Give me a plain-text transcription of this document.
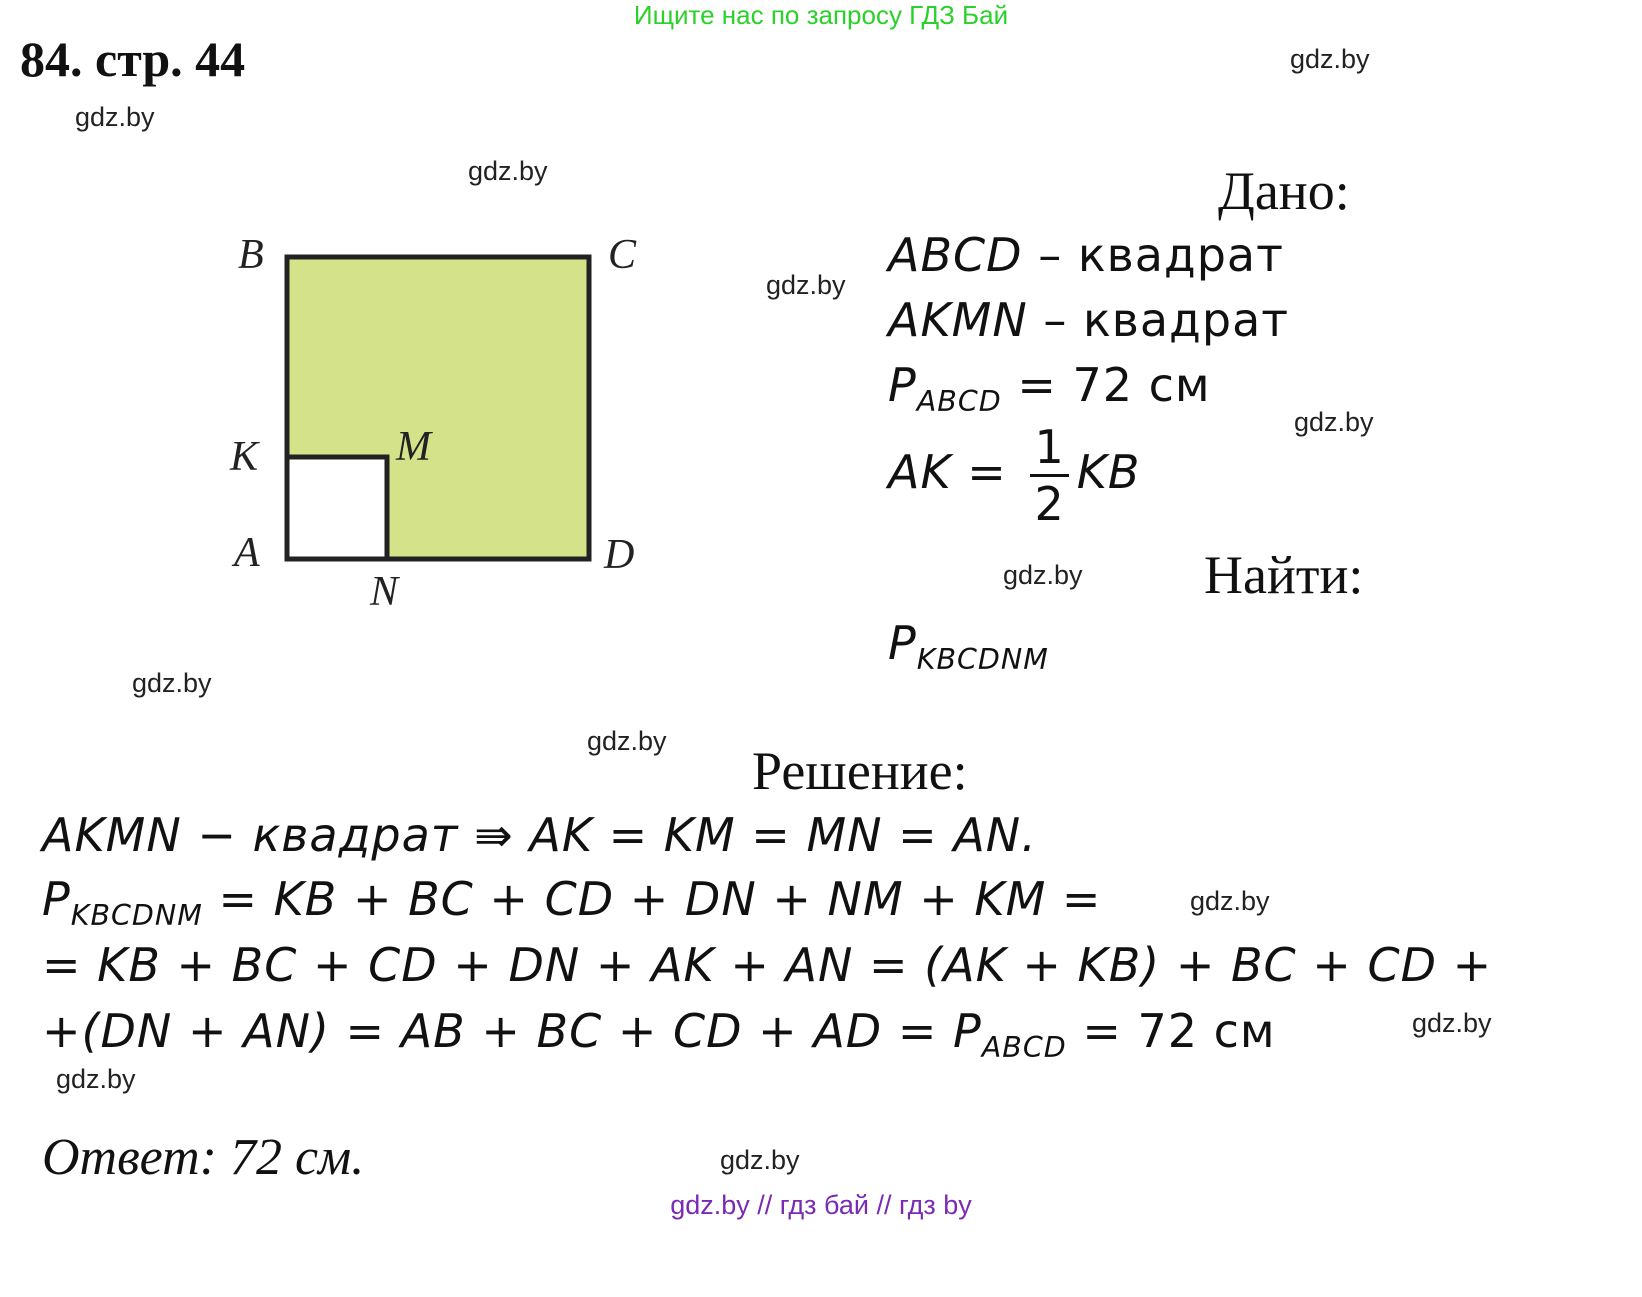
Ищите нас по запросу ГДЗ Бай
84. стр. 44	gdz.by
gdz.by
gdz.by
gdz.by
gdz.by
gdz.by
gdz.by
gdz.by
gdz.by
gdz.by
gdz.by
gdz.by
B	C
K	M
A	D
N
Дано:
ABCD – квадрат
AKMN – квадрат
$P_{ABCD} = 72$ см
AK = $\frac{1}{2}$ KB
Найти:
$P_{KBCDNM}$
Решение:
AKMN − квадрат ⇛ AK = KM = MN = AN.
$P_{KBCDNM}$ = KB + BC + CD + DN + NM + KM =
= KB + BC + CD + DN + AK + AN = (AK + KB) + BC + CD +
+(DN + AN) = AB + BC + CD + AD = $P_{ABCD} = 72$ см
Ответ: 72 см.
gdz.by // гдз бай // гдз by
